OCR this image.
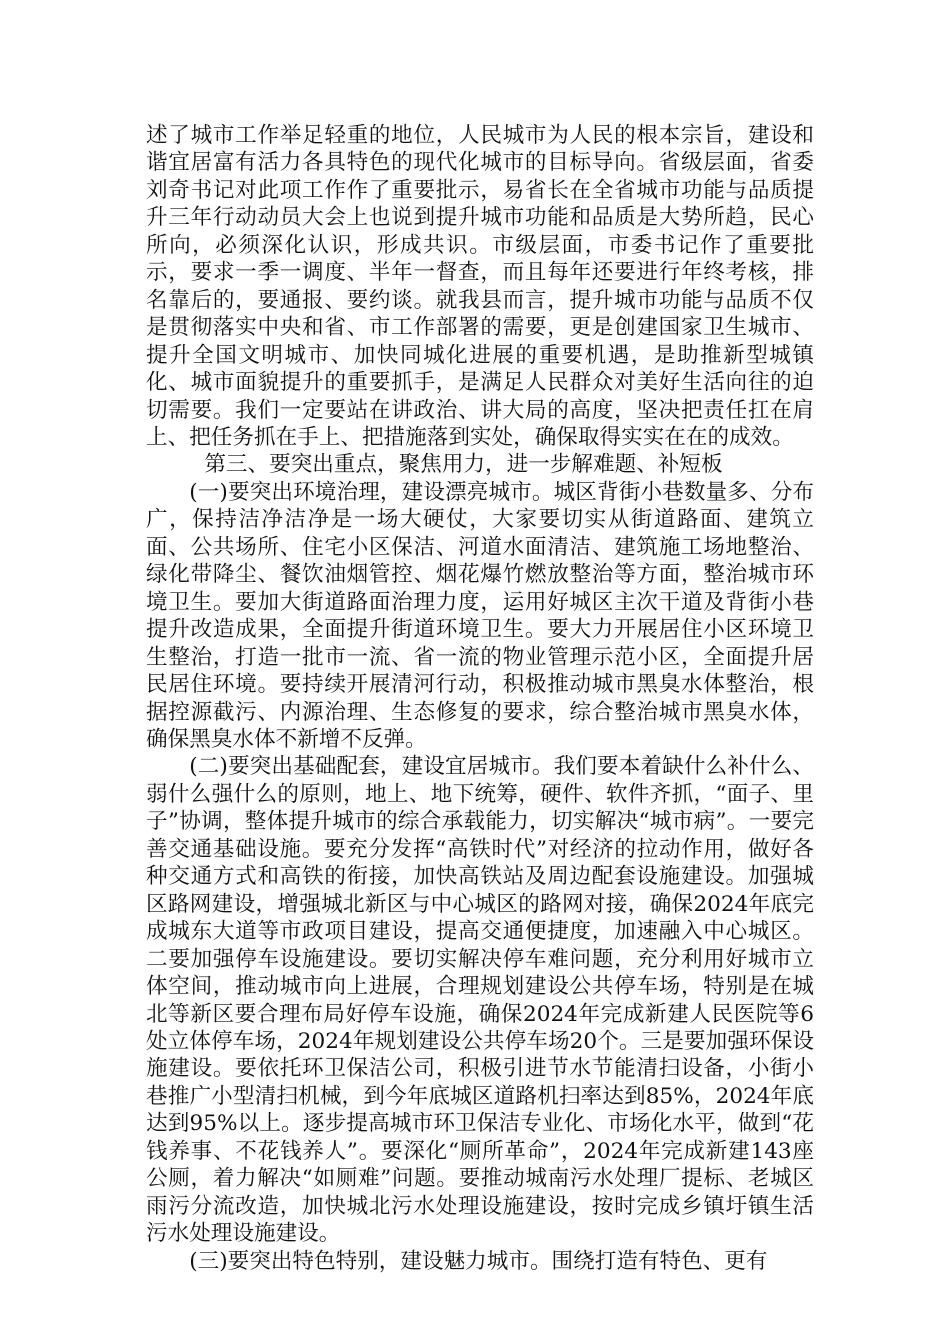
述了城市工作举足轻重的地位，人民城市为人民的根本宗旨，建设和谐宜居富有活力各具特色的现代化城市的目标导向。省级层面，省委刘奇书记对此项工作作了重要批示，易省长在全省城市功能与品质提升三年行动动员大会上也说到提升城市功能和品质是大势所趋，民心所向，必须深化认识，形成共识。市级层面，市委书记作了重要批示，要求一季一调度、半年一督查，而且每年还要进行年终考核，排名靠后的，要通报、要约谈。就我县而言，提升城市功能与品质不仅是贯彻落实中央和省、市工作部署的需要，更是创建国家卫生城市、提升全国文明城市、加快同城化进展的重要机遇，是助推新型城镇化、城市面貌提升的重要抓手，是满足人民群众对美好生活向往的迫切需要。我们一定要站在讲政治、讲大局的高度，坚决把责任扛在肩上、把任务抓在手上、把措施落到实处，确保取得实实在在的成效。

第三、要突出重点，聚焦用力，进一步解难题、补短板

(一)要突出环境治理，建设漂亮城市。城区背街小巷数量多、分布广，保持洁净洁净是一场大硬仗，大家要切实从街道路面、建筑立面、公共场所、住宅小区保洁、河道水面清洁、建筑施工场地整治、绿化带降尘、餐饮油烟管控、烟花爆竹燃放整治等方面，整治城市环境卫生。要加大街道路面治理力度，运用好城区主次干道及背街小巷提升改造成果，全面提升街道环境卫生。要大力开展居住小区环境卫生整治，打造一批市一流、省一流的物业管理示范小区，全面提升居民居住环境。要持续开展清河行动，积极推动城市黑臭水体整治，根据控源截污、内源治理、生态修复的要求，综合整治城市黑臭水体，确保黑臭水体不新增不反弹。

(二)要突出基础配套，建设宜居城市。我们要本着缺什么补什么、弱什么强什么的原则，地上、地下统筹，硬件、软件齐抓，“面子、里子”协调，整体提升城市的综合承载能力，切实解决“城市病”。一要完善交通基础设施。要充分发挥“高铁时代”对经济的拉动作用，做好各种交通方式和高铁的衔接，加快高铁站及周边配套设施建设。加强城区路网建设，增强城北新区与中心城区的路网对接，确保2024年底完成城东大道等市政项目建设，提高交通便捷度，加速融入中心城区。二要加强停车设施建设。要切实解决停车难问题，充分利用好城市立体空间，推动城市向上进展，合理规划建设公共停车场，特别是在城北等新区要合理布局好停车设施，确保2024年完成新建人民医院等6处立体停车场，2024年规划建设公共停车场20个。三是要加强环保设施建设。要依托环卫保洁公司，积极引进节水节能清扫设备，小街小巷推广小型清扫机械，到今年底城区道路机扫率达到85%，2024年底达到95%以上。逐步提高城市环卫保洁专业化、市场化水平，做到“花钱养事、不花钱养人”。要深化“厕所革命”，2024年完成新建143座公厕，着力解决“如厕难”问题。要推动城南污水处理厂提标、老城区雨污分流改造，加快城北污水处理设施建设，按时完成乡镇圩镇生活污水处理设施建设。

(三)要突出特色特别，建设魅力城市。围绕打造有特色、更有
